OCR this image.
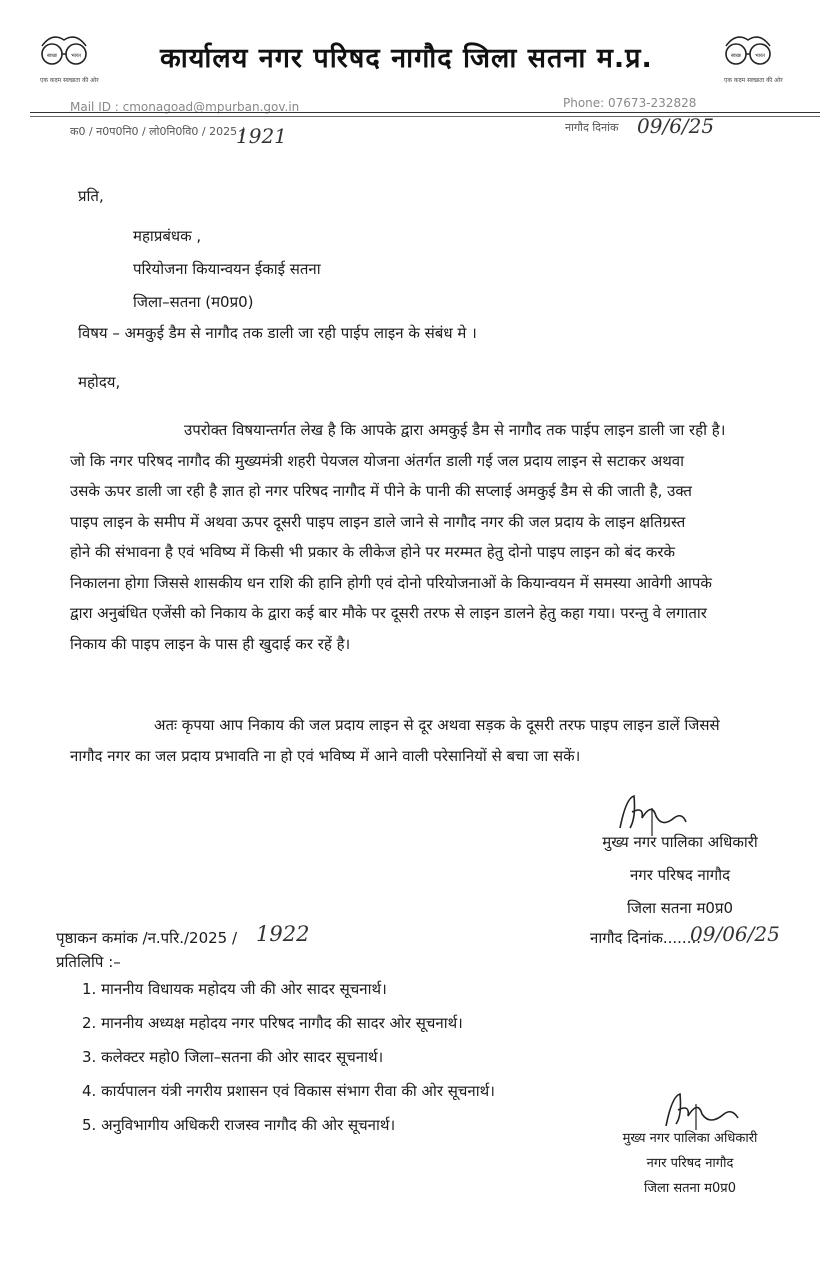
स्वच्छ	भारत
एक कदम स्वच्छता की ओर
कार्यालय नगर परिषद नागौद जिला सतना म.प्र.	स्वच्छ	भारत
एक कदम स्वच्छता की ओर
Mail ID : cmonagoad@mpurban.gov.in	Phone: 07673-232828
क0 / न0प0नि0 / लो0नि0वि0 / 2025 /
1921	नागौद दिनांक 09/6/25
प्रति,
महाप्रबंधक ,
परियोजना कियान्वयन ईकाई सतना
जिला–सतना (म0प्र0)
विषय – अमकुई डैम से नागौद तक डाली जा रही पाईप लाइन के संबंध मे ।
महोदय,
उपरोक्त विषयान्तर्गत लेख है कि आपके द्वारा अमकुई डैम से नागौद तक पाईप लाइन डाली जा रही है।
जो कि नगर परिषद नागौद की मुख्यमंत्री शहरी पेयजल योजना अंतर्गत डाली गई जल प्रदाय लाइन से सटाकर अथवा
उसके ऊपर डाली जा रही है ज्ञात हो नगर परिषद नागौद में पीने के पानी की सप्लाई अमकुई डैम से की जाती है, उक्त
पाइप लाइन के समीप में अथवा ऊपर दूसरी पाइप लाइन डाले जाने से नागौद नगर की जल प्रदाय के लाइन क्षतिग्रस्त
होने की संभावना है एवं भविष्य में किसी भी प्रकार के लीकेज होने पर मरम्मत हेतु दोनो पाइप लाइन को बंद करके
निकालना होगा जिससे शासकीय धन राशि की हानि होगी एवं दोनो परियोजनाओं के कियान्वयन में समस्या आवेगी आपके
द्वारा अनुबंधित एजेंसी को निकाय के द्वारा कई बार मौके पर दूसरी तरफ से लाइन डालने हेतु कहा गया। परन्तु वे लगातार
निकाय की पाइप लाइन के पास ही खुदाई कर रहें है।
अतः कृपया आप निकाय की जल प्रदाय लाइन से दूर अथवा सड़क के दूसरी तरफ पाइप लाइन डालें जिससे
नागौद नगर का जल प्रदाय प्रभावति ना हो एवं भविष्य में आने वाली परेसानियों से बचा जा सकें।
मुख्य नगर पालिका अधिकारी
नगर परिषद नागौद
जिला सतना म0प्र0
पृष्ठाकन कमांक /न.परि./2025 / 1922	नागौद दिनांक........
09/06/25
प्रतिलिपि :–
1. माननीय विधायक महोदय जी की ओर सादर सूचनार्थ।
2. माननीय अध्यक्ष महोदय नगर परिषद नागौद की सादर ओर सूचनार्थ।
3. कलेक्टर महो0 जिला–सतना की ओर सादर सूचनार्थ।
4. कार्यपालन यंत्री नगरीय प्रशासन एवं विकास संभाग रीवा की ओर सूचनार्थ।
5. अनुविभागीय अधिकरी राजस्व नागौद की ओर सूचनार्थ।
मुख्य नगर पालिका अधिकारी
नगर परिषद नागौद
जिला सतना म0प्र0
